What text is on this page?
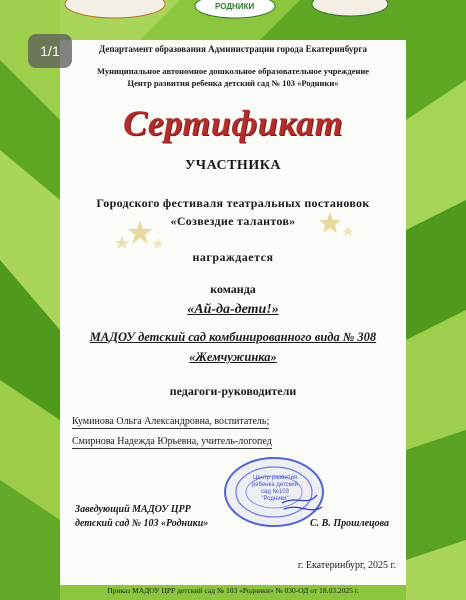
РОДНИКИ
1/1	Департамент образования Администрации города Екатеринбурга
Муниципальное автономное дошкольное образовательное учреждение
Центр развития ребенка детский сад № 103 «Родники»
Сертификат
УЧАСТНИКА
Городского фестиваля театральных постановок
«Созвездие талантов»
награждается
команда
«Ай-да-дети!»
МАДОУ детский сад комбинированного вида № 308
«Жемчужинка»
педагоги-руководители
Куминова Ольга Александровна, воспитатель;
Смирнова Надежда Юрьевна, учитель-логопед
Центр развития ребенка детский сад №103 "Родники"
Заведующий МАДОУ ЦРР
детский сад № 103 «Родники»	С. В. Прошлецова
г. Екатеринбург, 2025 г.
Приказ МАДОУ ЦРР детский сад № 103 «Родники» № 030-ОД от 18.03.2025 г.
